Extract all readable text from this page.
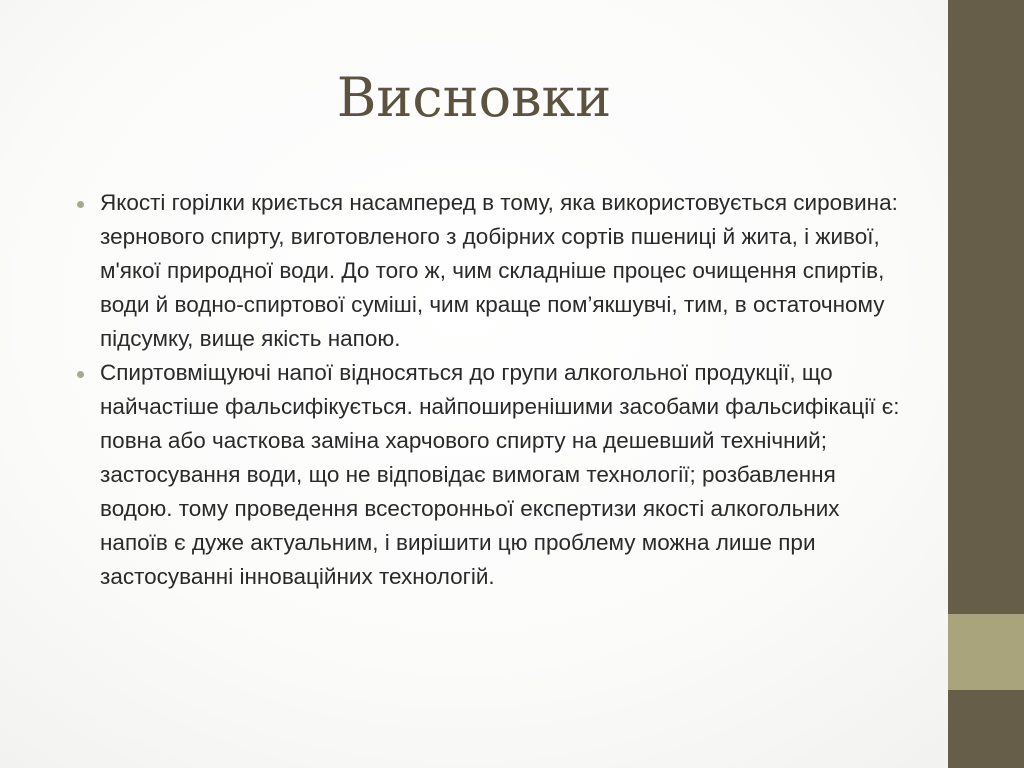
Висновки
Якості горілки криється насамперед в тому, яка використовується сировина: зернового спирту, виготовленого з добірних сортів пшениці й жита, і живої, м'якої природної води. До того ж, чим складніше процес очищення спиртів, води й водно-спиртової суміші, чим краще пом’якшувчі, тим, в остаточному підсумку, вище якість напою.
Спиртовміщуючі напої відносяться до групи алкогольної продукції, що найчастіше фальсифікується. найпоширенішими засобами фальсифікації є: повна або часткова заміна харчового спирту на дешевший технічний; застосування води, що не відповідає вимогам технології; розбавлення водою. тому проведення всесторонньої експертизи якості алкогольних напоїв є дуже актуальним, і вирішити цю проблему можна лише при застосуванні інноваційних технологій.
